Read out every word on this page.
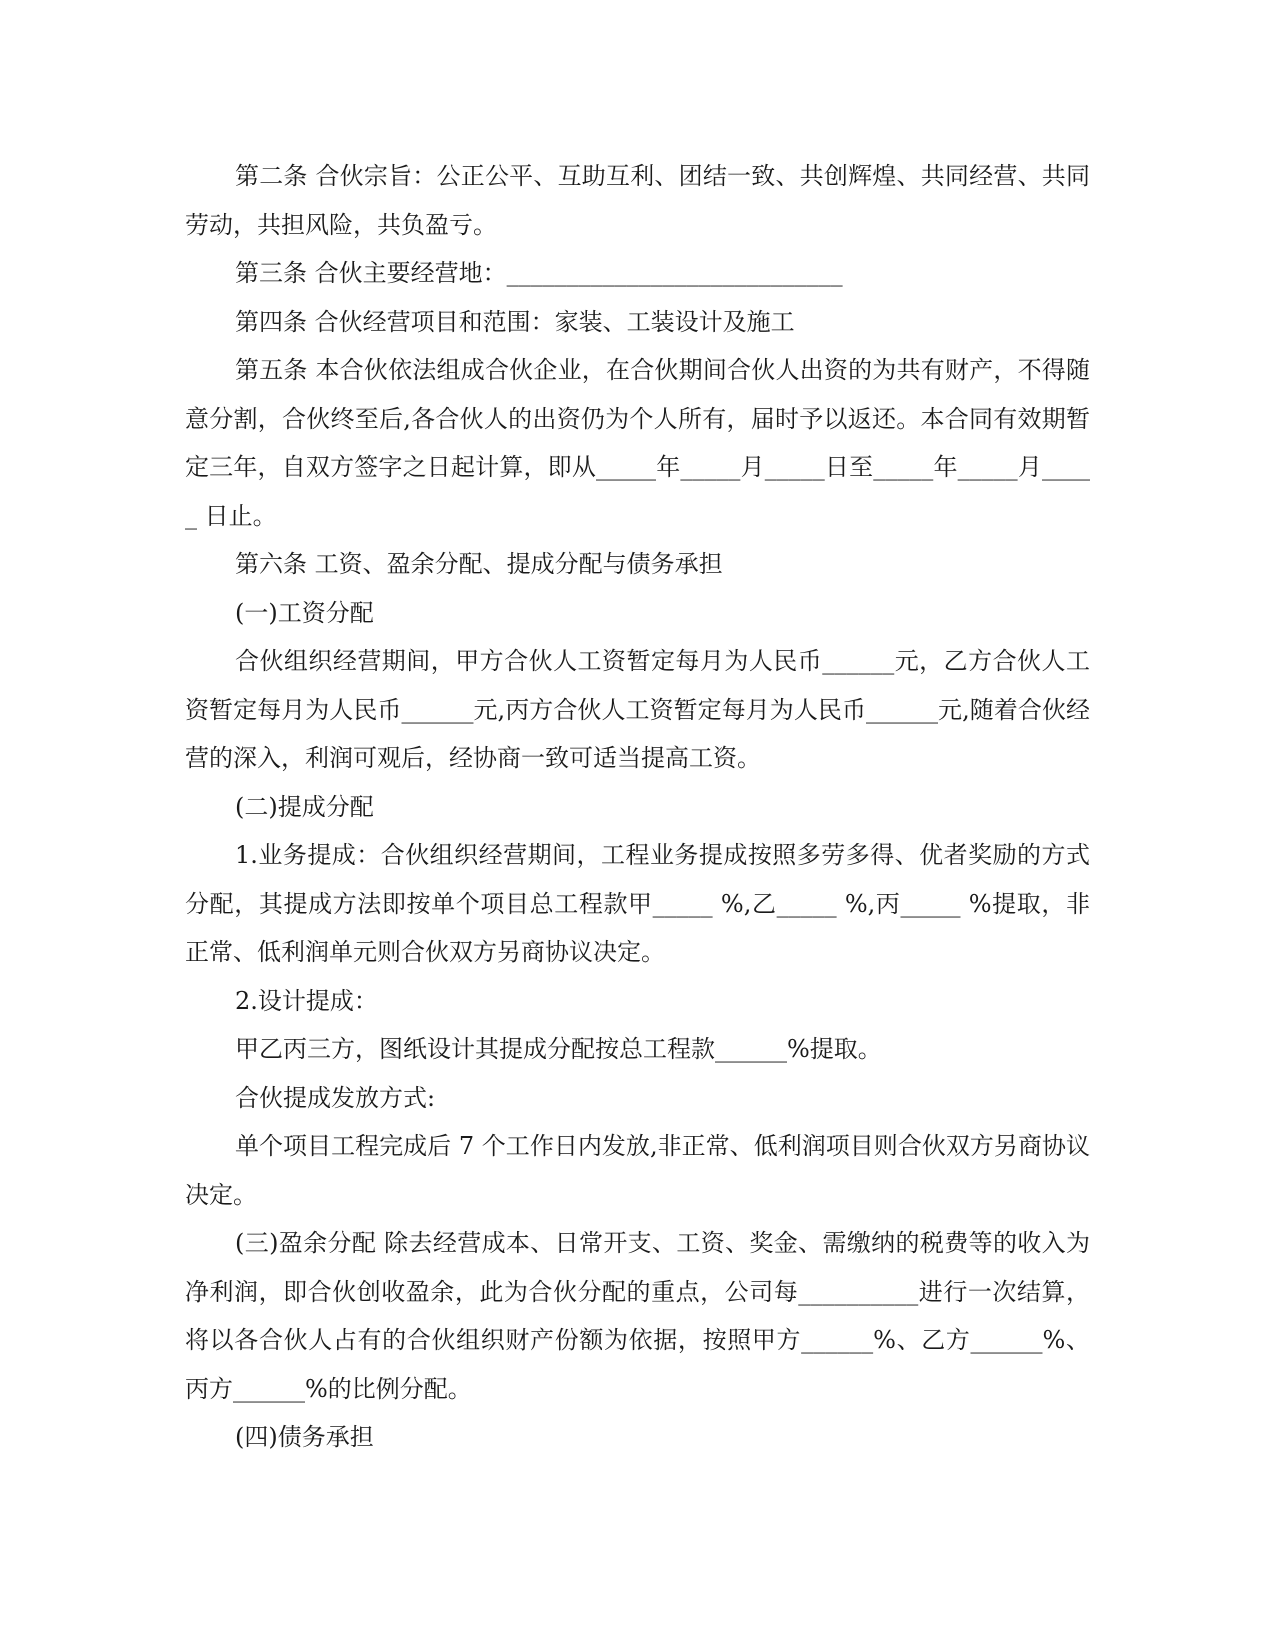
第二条 合伙宗旨：公正公平、互助互利、团结一致、共创辉煌、共同经营、共同劳动，共担风险，共负盈亏。

第三条 合伙主要经营地：____________________________

第四条 合伙经营项目和范围：家装、工装设计及施工

第五条 本合伙依法组成合伙企业，在合伙期间合伙人出资的为共有财产，不得随意分割，合伙终至后,各合伙人的出资仍为个人所有，届时予以返还。本合同有效期暂定三年，自双方签字之日起计算，即从_____年_____月_____日至_____年_____月_____ 日止。

第六条 工资、盈余分配、提成分配与债务承担

(一)工资分配

合伙组织经营期间，甲方合伙人工资暂定每月为人民币______元，乙方合伙人工资暂定每月为人民币______元,丙方合伙人工资暂定每月为人民币______元,随着合伙经营的深入，利润可观后，经协商一致可适当提高工资。

(二)提成分配

1.业务提成：合伙组织经营期间，工程业务提成按照多劳多得、优者奖励的方式分配，其提成方法即按单个项目总工程款甲_____ %,乙_____ %,丙_____ %提取，非正常、低利润单元则合伙双方另商协议决定。

2.设计提成：

甲乙丙三方，图纸设计其提成分配按总工程款______%提取。

合伙提成发放方式:

单个项目工程完成后 7 个工作日内发放,非正常、低利润项目则合伙双方另商协议决定。

(三)盈余分配 除去经营成本、日常开支、工资、奖金、需缴纳的税费等的收入为净利润，即合伙创收盈余，此为合伙分配的重点，公司每__________进行一次结算，将以各合伙人占有的合伙组织财产份额为依据，按照甲方______%、乙方______%、丙方______%的比例分配。

(四)债务承担
